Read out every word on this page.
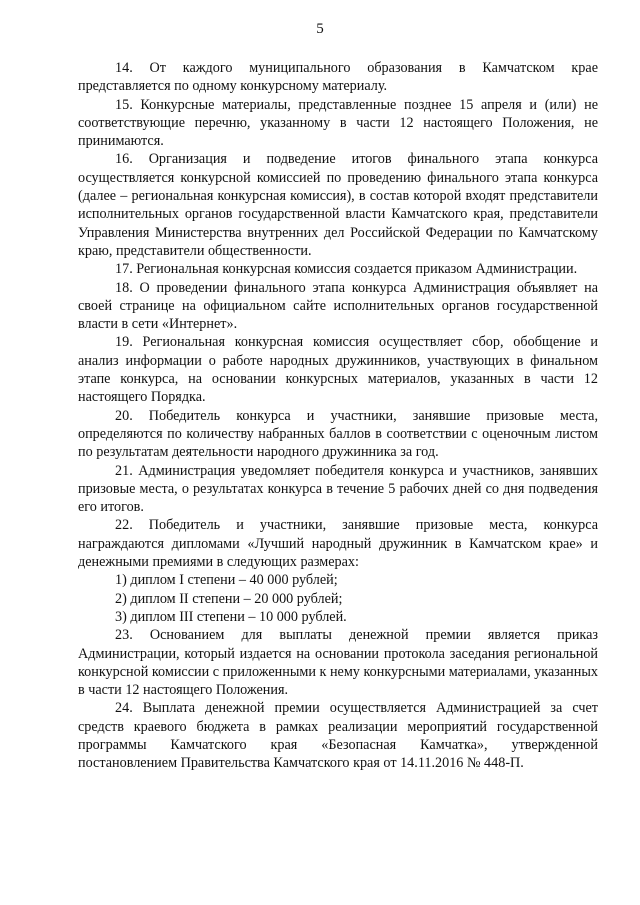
5

14. От каждого муниципального образования в Камчатском крае представляется по одному конкурсному материалу.

15. Конкурсные материалы, представленные позднее 15 апреля и (или) не соответствующие перечню, указанному в части 12 настоящего Положения, не принимаются.

16. Организация и подведение итогов финального этапа конкурса осуществляется конкурсной комиссией по проведению финального этапа конкурса (далее – региональная конкурсная комиссия), в состав которой входят представители исполнительных органов государственной власти Камчатского края, представители Управления Министерства внутренних дел Российской Федерации по Камчатскому краю, представители общественности.

17. Региональная конкурсная комиссия создается приказом Администрации.

18. О проведении финального этапа конкурса Администрация объявляет на своей странице на официальном сайте исполнительных органов государственной власти в сети «Интернет».

19. Региональная конкурсная комиссия осуществляет сбор, обобщение и анализ информации о работе народных дружинников, участвующих в финальном этапе конкурса, на основании конкурсных материалов, указанных в части 12 настоящего Порядка.

20. Победитель конкурса и участники, занявшие призовые места, определяются по количеству набранных баллов в соответствии с оценочным листом по результатам деятельности народного дружинника за год.

21. Администрация уведомляет победителя конкурса и участников, занявших призовые места, о результатах конкурса в течение 5 рабочих дней со дня подведения его итогов.

22. Победитель и участники, занявшие призовые места, конкурса награждаются дипломами «Лучший народный дружинник в Камчатском крае» и денежными премиями в следующих размерах:

1) диплом I степени – 40 000 рублей;

2) диплом II степени – 20 000 рублей;

3) диплом III степени – 10 000 рублей.

23. Основанием для выплаты денежной премии является приказ Администрации, который издается на основании протокола заседания региональной конкурсной комиссии с приложенными к нему конкурсными материалами, указанных в части 12 настоящего Положения.

24. Выплата денежной премии осуществляется Администрацией за счет средств краевого бюджета в рамках реализации мероприятий государственной программы Камчатского края «Безопасная Камчатка», утвержденной постановлением Правительства Камчатского края от 14.11.2016 № 448-П.
